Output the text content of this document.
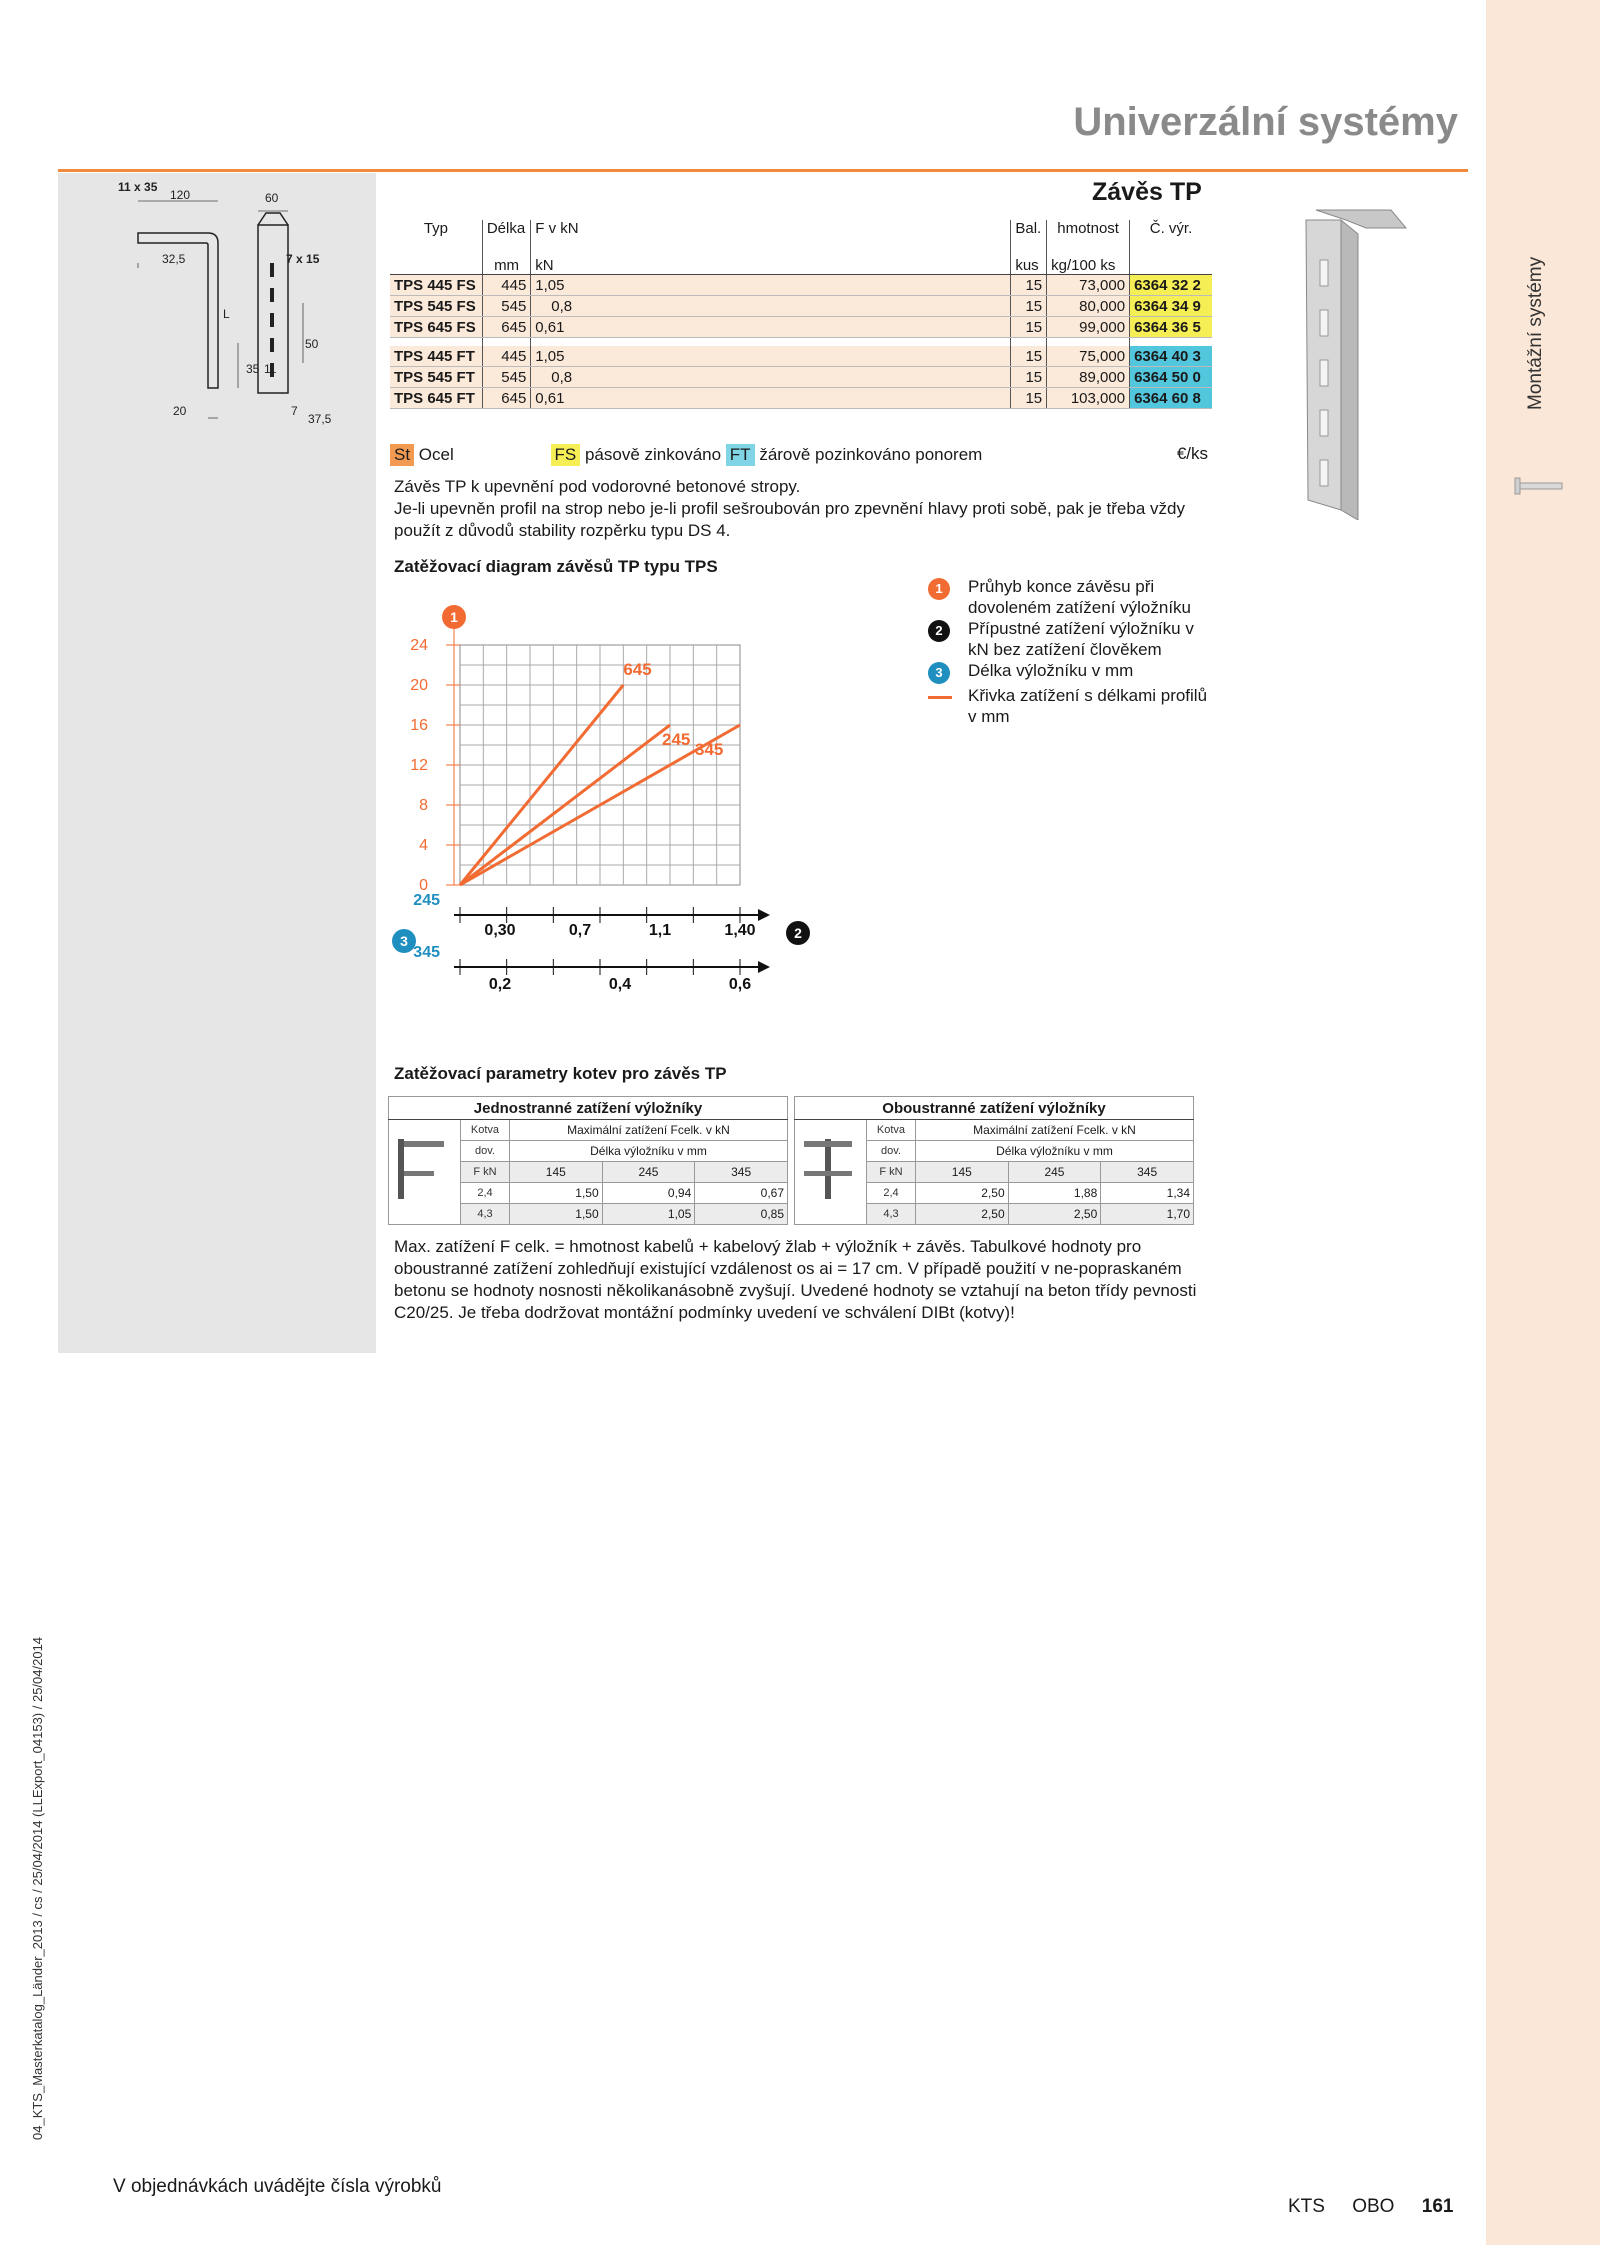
Montážní systémy
Univerzální systémy
11 x 35
120	60
32,5	7 x 15
L
35 11
50
20	7
37,5
Závěs TP
Typ	Délka	F v kN	Bal.	hmotnost	Č. výr.
	mm	kN	kus	kg/100 ks	
TPS 445 FS	445	1,05	15	73,000	6364 32 2
TPS 545 FS	545	0,8	15	80,000	6364 34 9
TPS 645 FS	645	0,61	15	99,000	6364 36 5

TPS 445 FT	445	1,05	15	75,000	6364 40 3
TPS 545 FT	545	0,8	15	89,000	6364 50 0
TPS 645 FT	645	0,61	15	103,000	6364 60 8
St Ocel	FS pásově zinkováno FT žárově pozinkováno ponorem	€/ks
Závěs TP k upevnění pod vodorovné betonové stropy.
Je-li upevněn profil na strop nebo je-li profil sešroubován pro zpevnění hlavy proti sobě, pak je třeba vždy použít z důvodů stability rozpěrku typu DS 4.
Zatěžovací diagram závěsů TP typu TPS
0
4
8
12
16
20
24
645
245
345
245
0,30	0,7	1,1	1,40
345
0,2	0,4	0,6
1
2
3
1	Průhyb konce závěsu při dovoleném zatížení výložníku
2	Přípustné zatížení výložníku v kN bez zatížení člověkem
3	Délka výložníku v mm
Křivka zatížení s délkami profilů v mm
Zatěžovací parametry kotev pro závěs TP
Jednostranné zatížení výložníky				
	Kotva	Maximální zatížení Fcelk. v kN		
	dov.	Délka výložníku v mm		
	F kN	145	245	345
	2,4	1,50	0,94	0,67
	4,3	1,50	1,05	0,85
Oboustranné zatížení výložníky				
	Kotva	Maximální zatížení Fcelk. v kN		
	dov.	Délka výložníku v mm		
	F kN	145	245	345
	2,4	2,50	1,88	1,34
	4,3	2,50	2,50	1,70
Max. zatížení F celk. = hmotnost kabelů + kabelový žlab + výložník + závěs. Tabulkové hodnoty pro oboustranné zatížení zohledňují existující vzdálenost os ai = 17 cm. V případě použití v ne-popraskaném betonu se hodnoty nosnosti několikanásobně zvyšují. Uvedené hodnoty se vztahují na beton třídy pevnosti C20/25. Je třeba dodržovat montážní podmínky uvedení ve schválení DIBt (kotvy)!
04_KTS_Masterkatalog_Länder_2013 / cs / 25/04/2014 (LLExport_04153) / 25/04/2014
V objednávkách uvádějte čísla výrobků
KTS OBO 161
